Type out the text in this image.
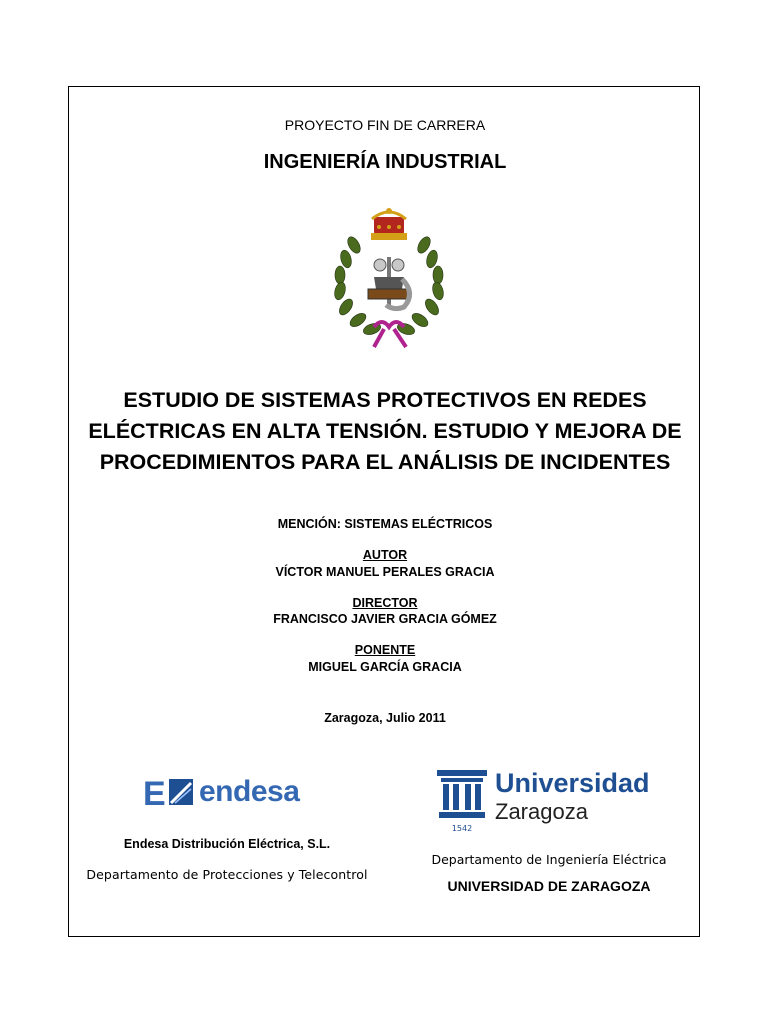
PROYECTO FIN DE CARRERA
INGENIERÍA INDUSTRIAL
ESTUDIO DE SISTEMAS PROTECTIVOS EN REDES
ELÉCTRICAS EN ALTA TENSIÓN. ESTUDIO Y MEJORA DE
PROCEDIMIENTOS PARA EL ANÁLISIS DE INCIDENTES
MENCIÓN: SISTEMAS ELÉCTRICOS
AUTOR
VÍCTOR MANUEL PERALES GRACIA
DIRECTOR
FRANCISCO JAVIER GRACIA GÓMEZ
PONENTE
MIGUEL GARCÍA GRACIA
Zaragoza, Julio 2011
E endesa
1542
Universidad
Zaragoza
Endesa Distribución Eléctrica, S.L.
Departamento de Protecciones y Telecontrol
Departamento de Ingeniería Eléctrica
UNIVERSIDAD DE ZARAGOZA
